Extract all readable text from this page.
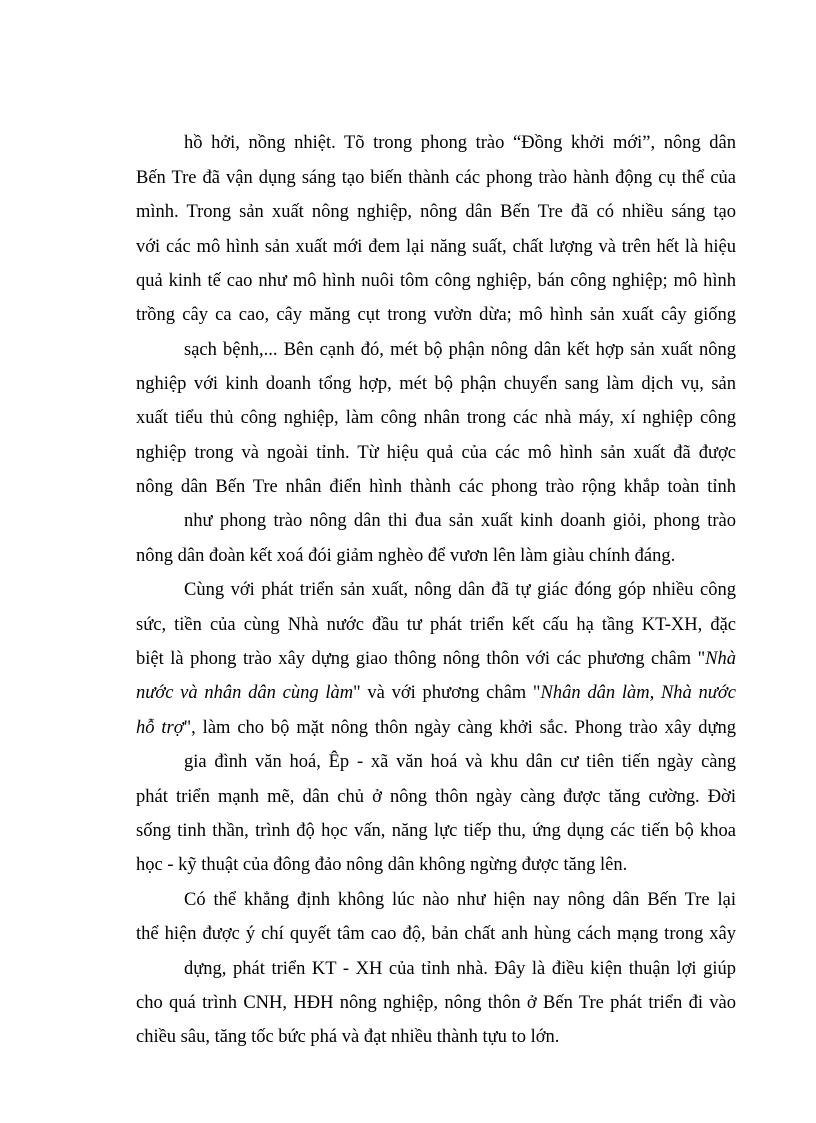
hồ hởi, nồng nhiệt. Tõ trong phong trào “Đồng khởi mới”, nông dân
Bến Tre đã vận dụng sáng tạo biến thành các phong trào hành động cụ thể của
mình. Trong sản xuất nông nghiệp, nông dân Bến Tre đã có nhiều sáng tạo
với các mô hình sản xuất mới đem lại năng suất, chất lượng và trên hết là hiệu
quả kinh tế cao như mô hình nuôi tôm công nghiệp, bán công nghiệp; mô hình
trồng cây ca cao, cây măng cụt trong vườn dừa; mô hình sản xuất cây giống
sạch bệnh,... Bên cạnh đó, mét bộ phận nông dân kết hợp sản xuất nông
nghiệp với kinh doanh tổng hợp, mét bộ phận chuyển sang làm dịch vụ, sản
xuất tiểu thủ công nghiệp, làm công nhân trong các nhà máy, xí nghiệp công
nghiệp trong và ngoài tỉnh. Từ hiệu quả của các mô hình sản xuất đã được
nông dân Bến Tre nhân điển hình thành các phong trào rộng khắp toàn tỉnh
như phong trào nông dân thi đua sản xuất kinh doanh giỏi, phong trào
nông dân đoàn kết xoá đói giảm nghèo để vươn lên làm giàu chính đáng.
Cùng với phát triển sản xuất, nông dân đã tự giác đóng góp nhiều công
sức, tiền của cùng Nhà nước đầu tư phát triển kết cấu hạ tầng KT-XH, đặc
biệt là phong trào xây dựng giao thông nông thôn với các phương châm "Nhà
nước và nhân dân cùng làm" và với phương châm "Nhân dân làm, Nhà nước
hỗ trợ", làm cho bộ mặt nông thôn ngày càng khởi sắc. Phong trào xây dựng
gia đình văn hoá, Êp - xã văn hoá và khu dân cư tiên tiến ngày càng
phát triển mạnh mẽ, dân chủ ở nông thôn ngày càng được tăng cường. Đời
sống tinh thần, trình độ học vấn, năng lực tiếp thu, ứng dụng các tiến bộ khoa
học - kỹ thuật của đông đảo nông dân không ngừng được tăng lên.
Có thể khẳng định không lúc nào như hiện nay nông dân Bến Tre lại
thể hiện được ý chí quyết tâm cao độ, bản chất anh hùng cách mạng trong xây
dựng, phát triển KT - XH của tỉnh nhà. Đây là điều kiện thuận lợi giúp
cho quá trình CNH, HĐH nông nghiệp, nông thôn ở Bến Tre phát triển đi vào
chiều sâu, tăng tốc bức phá và đạt nhiều thành tựu to lớn.
